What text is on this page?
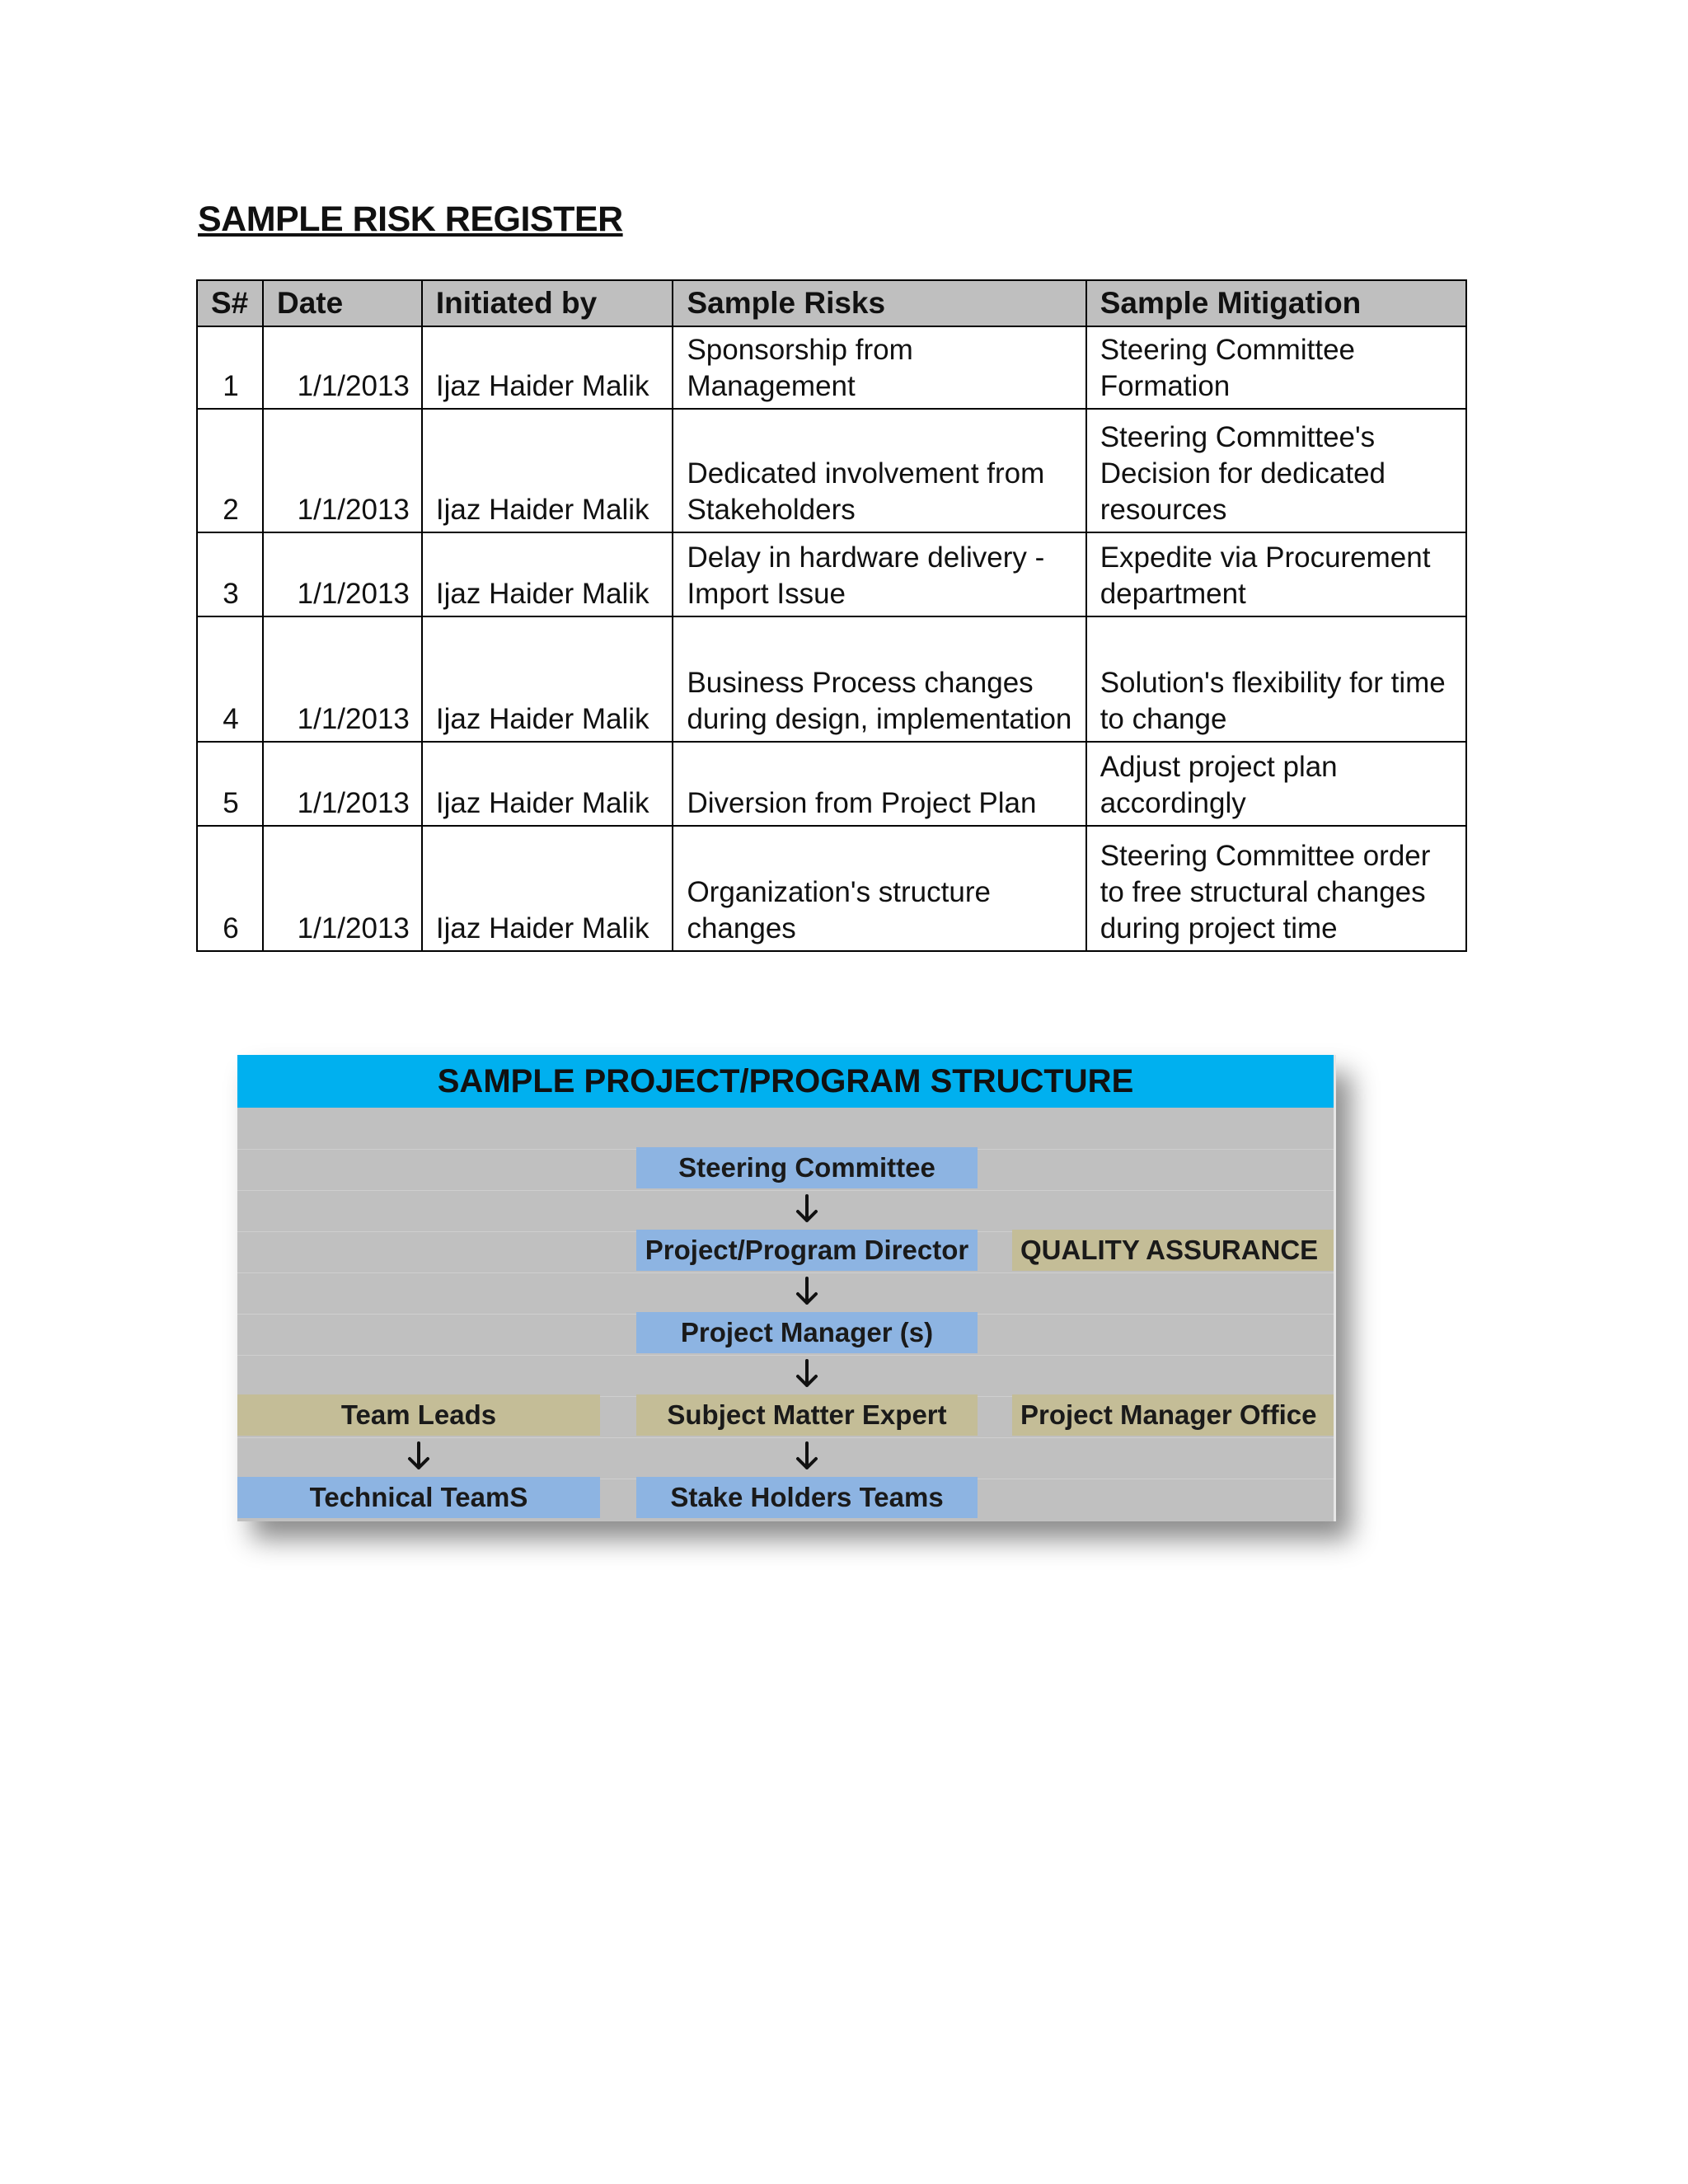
SAMPLE RISK REGISTER
S#	Date	Initiated by	Sample Risks	Sample Mitigation
1	1/1/2013	Ijaz Haider Malik	Sponsorship from Management	Steering Committee Formation
2	1/1/2013	Ijaz Haider Malik	Dedicated involvement from Stakeholders	Steering Committee's Decision for dedicated resources
3	1/1/2013	Ijaz Haider Malik	Delay in hardware delivery - Import Issue	Expedite via Procurement department
4	1/1/2013	Ijaz Haider Malik	Business Process changes during design, implementation	Solution's flexibility for time to change
5	1/1/2013	Ijaz Haider Malik	Diversion from Project Plan	Adjust project plan accordingly
6	1/1/2013	Ijaz Haider Malik	Organization's structure changes	Steering Committee order to free structural changes during project time
SAMPLE PROJECT/PROGRAM STRUCTURE
Steering Committee
Project/Program Director	QUALITY ASSURANCE
Project Manager (s)
Team Leads	Subject Matter Expert	Project Manager Office
Technical TeamS	Stake Holders Teams
